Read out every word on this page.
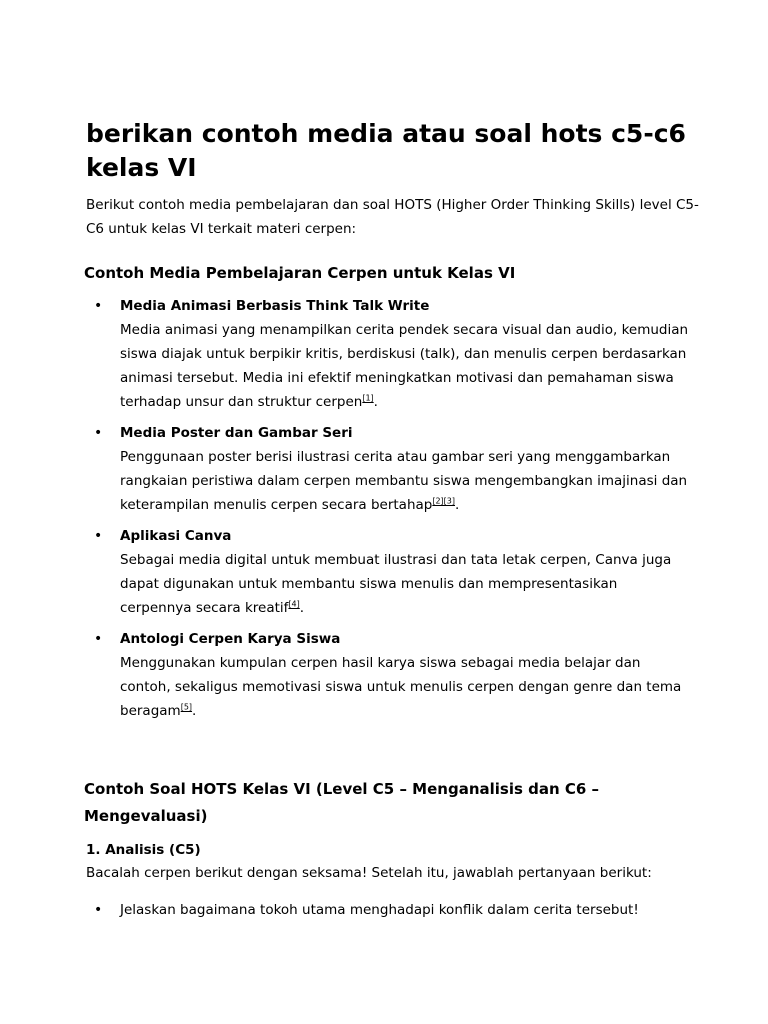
berikan contoh media atau soal hots c5-c6 kelas VI

Berikut contoh media pembelajaran dan soal HOTS (Higher Order Thinking Skills) level C5-C6 untuk kelas VI terkait materi cerpen:

Contoh Media Pembelajaran Cerpen untuk Kelas VI
• Media Animasi Berbasis Think Talk Write
Media animasi yang menampilkan cerita pendek secara visual dan audio, kemudian siswa diajak untuk berpikir kritis, berdiskusi (talk), dan menulis cerpen berdasarkan animasi tersebut. Media ini efektif meningkatkan motivasi dan pemahaman siswa terhadap unsur dan struktur cerpen[1].
• Media Poster dan Gambar Seri
Penggunaan poster berisi ilustrasi cerita atau gambar seri yang menggambarkan rangkaian peristiwa dalam cerpen membantu siswa mengembangkan imajinasi dan keterampilan menulis cerpen secara bertahap[2][3].
• Aplikasi Canva
Sebagai media digital untuk membuat ilustrasi dan tata letak cerpen, Canva juga dapat digunakan untuk membantu siswa menulis dan mempresentasikan cerpennya secara kreatif[4].
• Antologi Cerpen Karya Siswa
Menggunakan kumpulan cerpen hasil karya siswa sebagai media belajar dan contoh, sekaligus memotivasi siswa untuk menulis cerpen dengan genre dan tema beragam[5].
Contoh Soal HOTS Kelas VI (Level C5 – Menganalisis dan C6 – Mengevaluasi)
1. Analisis (C5)

Bacalah cerpen berikut dengan seksama! Setelah itu, jawablah pertanyaan berikut:

• Jelaskan bagaimana tokoh utama menghadapi konflik dalam cerita tersebut!
